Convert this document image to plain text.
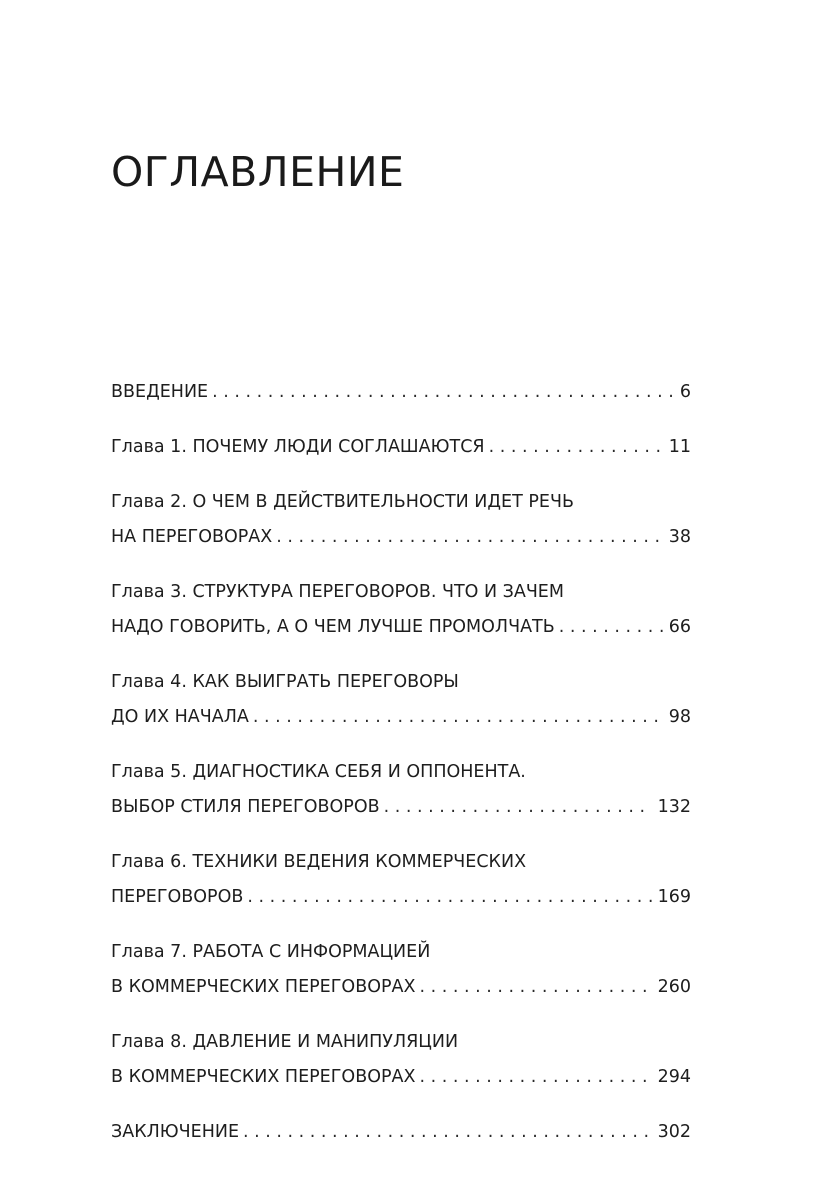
ОГЛАВЛЕНИЕ
ВВЕДЕНИЕ . . .	6
Глава 1. ПОЧЕМУ ЛЮДИ СОГЛАШАЮТСЯ . . .	11
Глава 2. О ЧЕМ В ДЕЙСТВИТЕЛЬНОСТИ ИДЕТ РЕЧЬ
НА ПЕРЕГОВОРАХ . . .	38
Глава 3. СТРУКТУРА ПЕРЕГОВОРОВ. ЧТО И ЗАЧЕМ
НАДО ГОВОРИТЬ, А О ЧЕМ ЛУЧШЕ ПРОМОЛЧАТЬ . . .	66
Глава 4. КАК ВЫИГРАТЬ ПЕРЕГОВОРЫ
ДО ИХ НАЧАЛА . . .	98
Глава 5. ДИАГНОСТИКА СЕБЯ И ОППОНЕНТА.
ВЫБОР СТИЛЯ ПЕРЕГОВОРОВ . . .	132
Глава 6. ТЕХНИКИ ВЕДЕНИЯ КОММЕРЧЕСКИХ
ПЕРЕГОВОРОВ . . .	169
Глава 7. РАБОТА С ИНФОРМАЦИЕЙ
В КОММЕРЧЕСКИХ ПЕРЕГОВОРАХ . . .	260
Глава 8. ДАВЛЕНИЕ И МАНИПУЛЯЦИИ
В КОММЕРЧЕСКИХ ПЕРЕГОВОРАХ . . .	294
ЗАКЛЮЧЕНИЕ . . .	302
